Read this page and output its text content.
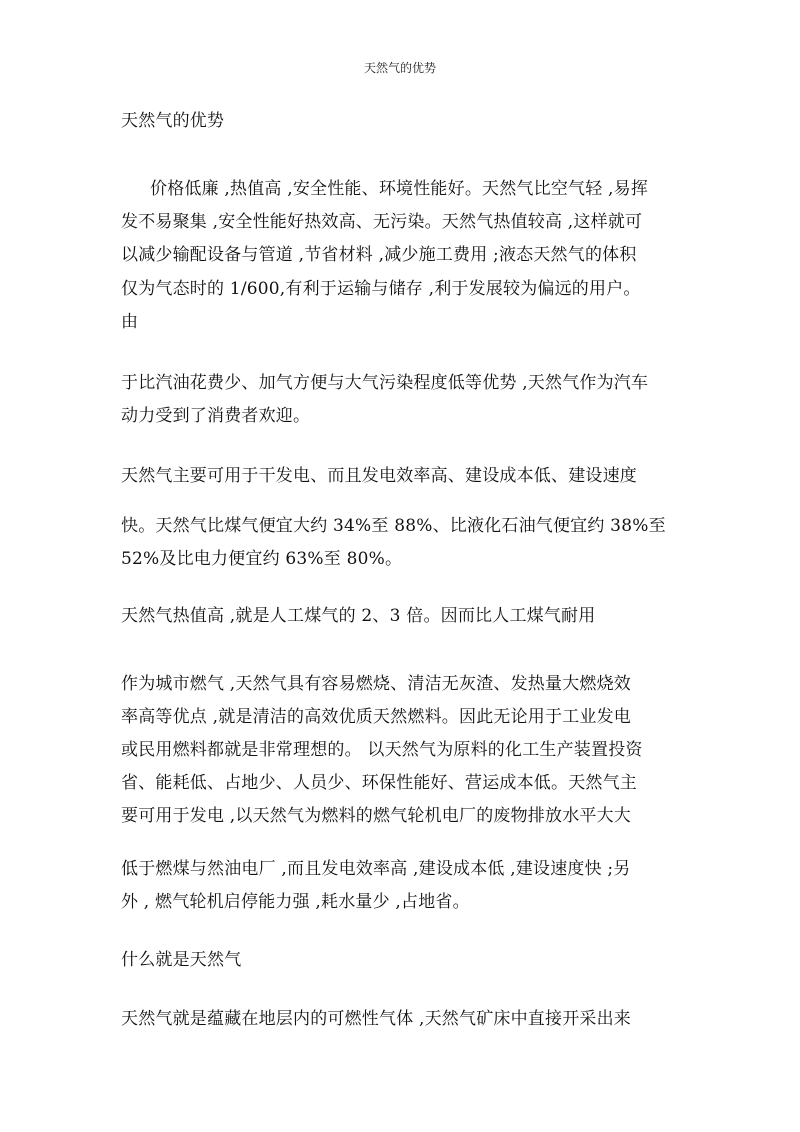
天然气的优势
天然气的优势
价格低廉 ,热值高 ,安全性能、环境性能好。天然气比空气轻 ,易挥
发不易聚集 ,安全性能好热效高、无污染。天然气热值较高 ,这样就可
以减少输配设备与管道 ,节省材料 ,减少施工费用 ;液态天然气的体积
仅为气态时的 1/600,有利于运输与储存 ,利于发展较为偏远的用户。
由
于比汽油花费少、加气方便与大气污染程度低等优势 ,天然气作为汽车
动力受到了消费者欢迎。
天然气主要可用于干发电、而且发电效率高、建设成本低、建设速度
快。天然气比煤气便宜大约 34%至 88%、比液化石油气便宜约 38%至
52%及比电力便宜约 63%至 80%。
天然气热值高 ,就是人工煤气的 2、3 倍。因而比人工煤气耐用
作为城市燃气 ,天然气具有容易燃烧、清洁无灰渣、发热量大燃烧效
率高等优点 ,就是清洁的高效优质天然燃料。因此无论用于工业发电
或民用燃料都就是非常理想的。 以天然气为原料的化工生产装置投资
省、能耗低、占地少、人员少、环保性能好、营运成本低。天然气主
要可用于发电 ,以天然气为燃料的燃气轮机电厂的废物排放水平大大
低于燃煤与然油电厂 ,而且发电效率高 ,建设成本低 ,建设速度快 ;另
外 , 燃气轮机启停能力强 ,耗水量少 ,占地省。
什么就是天然气
天然气就是蕴藏在地层内的可燃性气体 ,天然气矿床中直接开采出来
